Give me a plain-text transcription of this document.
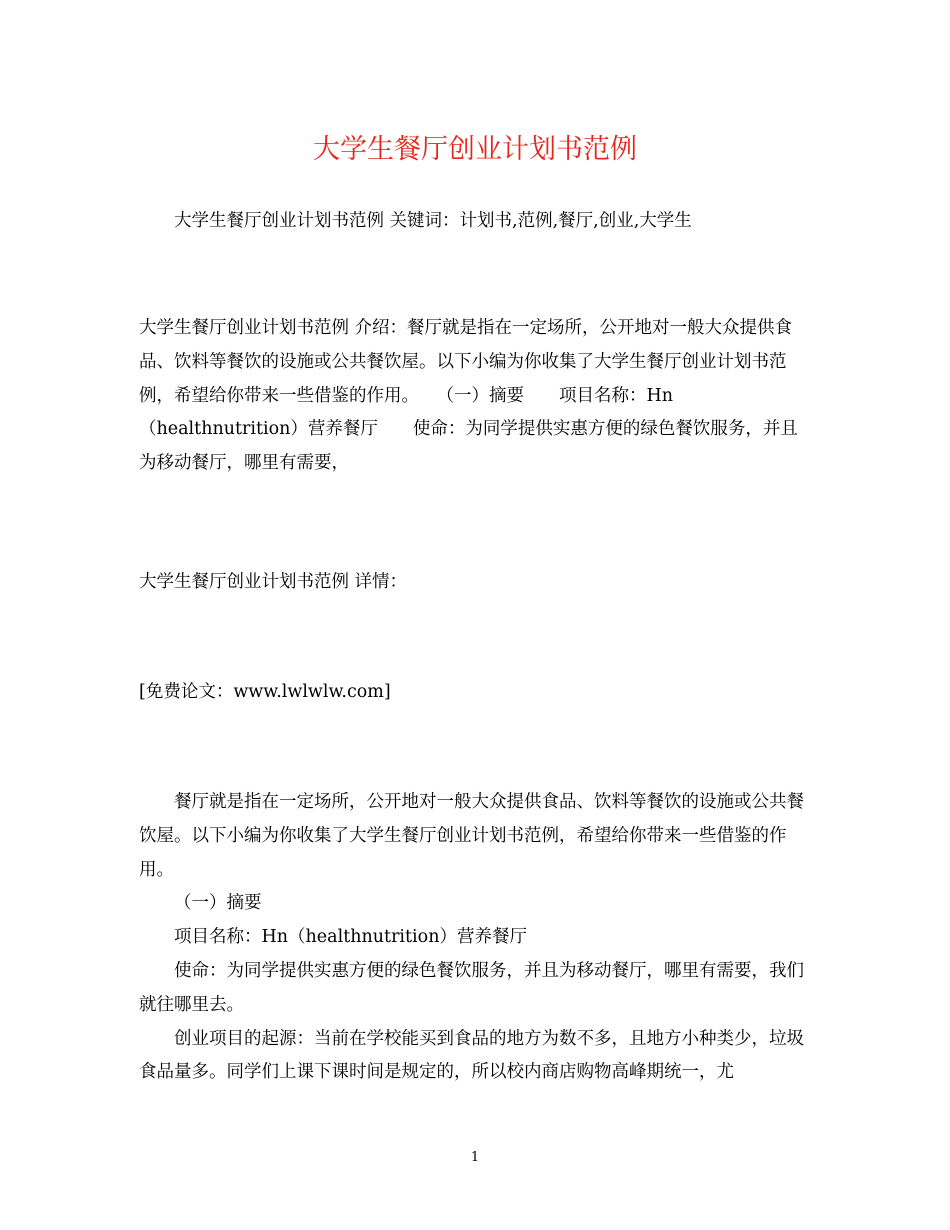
大学生餐厅创业计划书范例
大学生餐厅创业计划书范例 关键词：计划书,范例,餐厅,创业,大学生
大学生餐厅创业计划书范例 介绍：餐厅就是指在一定场所，公开地对一般大众提供食品、饮料等餐饮的设施或公共餐饮屋。以下小编为你收集了大学生餐厅创业计划书范例，希望给你带来一些借鉴的作用。　　（一）摘要　　项目名称：Hn（healthnutrition）营养餐厅　　使命：为同学提供实惠方便的绿色餐饮服务，并且为移动餐厅，哪里有需要，
大学生餐厅创业计划书范例 详情：
[免费论文：www.lwlwlw.com]

餐厅就是指在一定场所，公开地对一般大众提供食品、饮料等餐饮的设施或公共餐饮屋。以下小编为你收集了大学生餐厅创业计划书范例，希望给你带来一些借鉴的作用。

（一）摘要

项目名称：Hn（healthnutrition）营养餐厅

使命：为同学提供实惠方便的绿色餐饮服务，并且为移动餐厅，哪里有需要，我们就往哪里去。

创业项目的起源：当前在学校能买到食品的地方为数不多，且地方小种类少，垃圾食品量多。同学们上课下课时间是规定的，所以校内商店购物高峰期统一，尤

1
